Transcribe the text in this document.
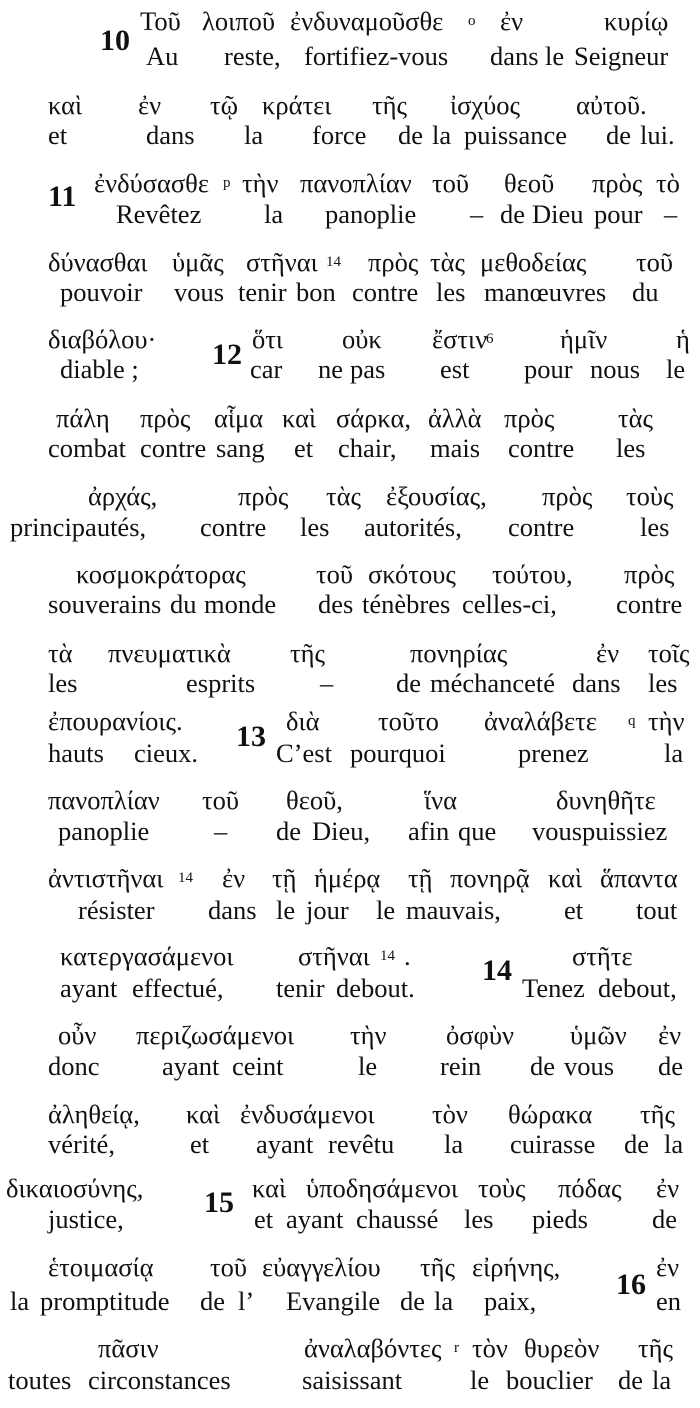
10
Τοῦ λοιποῦ ἐνδυναμοῦσθε o ἐν	κυρίῳ
Au reste, fortifiez-vous dans le Seigneur
καὶ ἐν τῷ κράτει τῆς ἰσχύος αὐτοῦ.
et	dans la force de la puissance de lui.
11 ἐνδύσασθε p τὴν πανοπλίαν τοῦ θεοῦ πρὸς τὸ
Revêtez la panoplie – de Dieu pour –
δύνασθαι ὑμᾶς στῆναι 14 πρὸς τὰς μεθοδείας τοῦ
pouvoir vous tenir bon contre les manœuvres du
12
διαβόλου·	ὅτι οὐκ ἔστιν
6	ἡμῖν	ἡ
diable ;	car ne pas est pour nous le
πάλη πρὸς αἷμα καὶ σάρκα, ἀλλὰ πρὸς τὰς
combat contre sang et chair, mais contre les
ἀρχάς,	πρὸς τὰς ἐξουσίας, πρὸς τοὺς
principautés, contre les autorités, contre les
κοσμοκράτορας	τοῦ σκότους τούτου, πρὸς
souverains du monde des ténèbres celles-ci, contre
τὰ πνευματικὰ τῆς	πονηρίας	ἐν τοῖς
les	esprits – de méchanceté dans les
13
ἐπουρανίοις.	διὰ τοῦτο ἀναλάβετε q τὴν
hauts cieux.	C’est pourquoi	prenez	la
πανοπλίαν τοῦ θεοῦ,	ἵνα	δυνηθῆτε
panoplie – de Dieu, afin que vous puissiez
ἀντιστῆναι 14 ἐν τῇ ἡμέρᾳ τῇ πονηρᾷ καὶ ἅπαντα
résister dans le jour le mauvais, et tout
14
κατεργασάμενοι στῆναι 14 .	στῆτε
ayant effectué, tenir debout.	Tenez debout,
οὖν περιζωσάμενοι τὴν ὀσφὺν ὑμῶν ἐν
donc ayant ceint	le rein de vous de
ἀληθείᾳ, καὶ ἐνδυσάμενοι τὸν θώρακα τῆς
vérité,	et ayant revêtu la cuirasse de la
15
δικαιοσύνης,	καὶ ὑποδησάμενοι τοὺς πόδας ἐν
justice,	et ayant chaussé les pieds de
16
ἑτοιμασίᾳ τοῦ εὐαγγελίου τῆς εἰρήνης,	ἐν
la promptitude de l’ Evangile de la paix,	en
πᾶσιν	ἀναλαβόντες r τὸν θυρεὸν τῆς
toutes circonstances	saisissant	le bouclier de la
